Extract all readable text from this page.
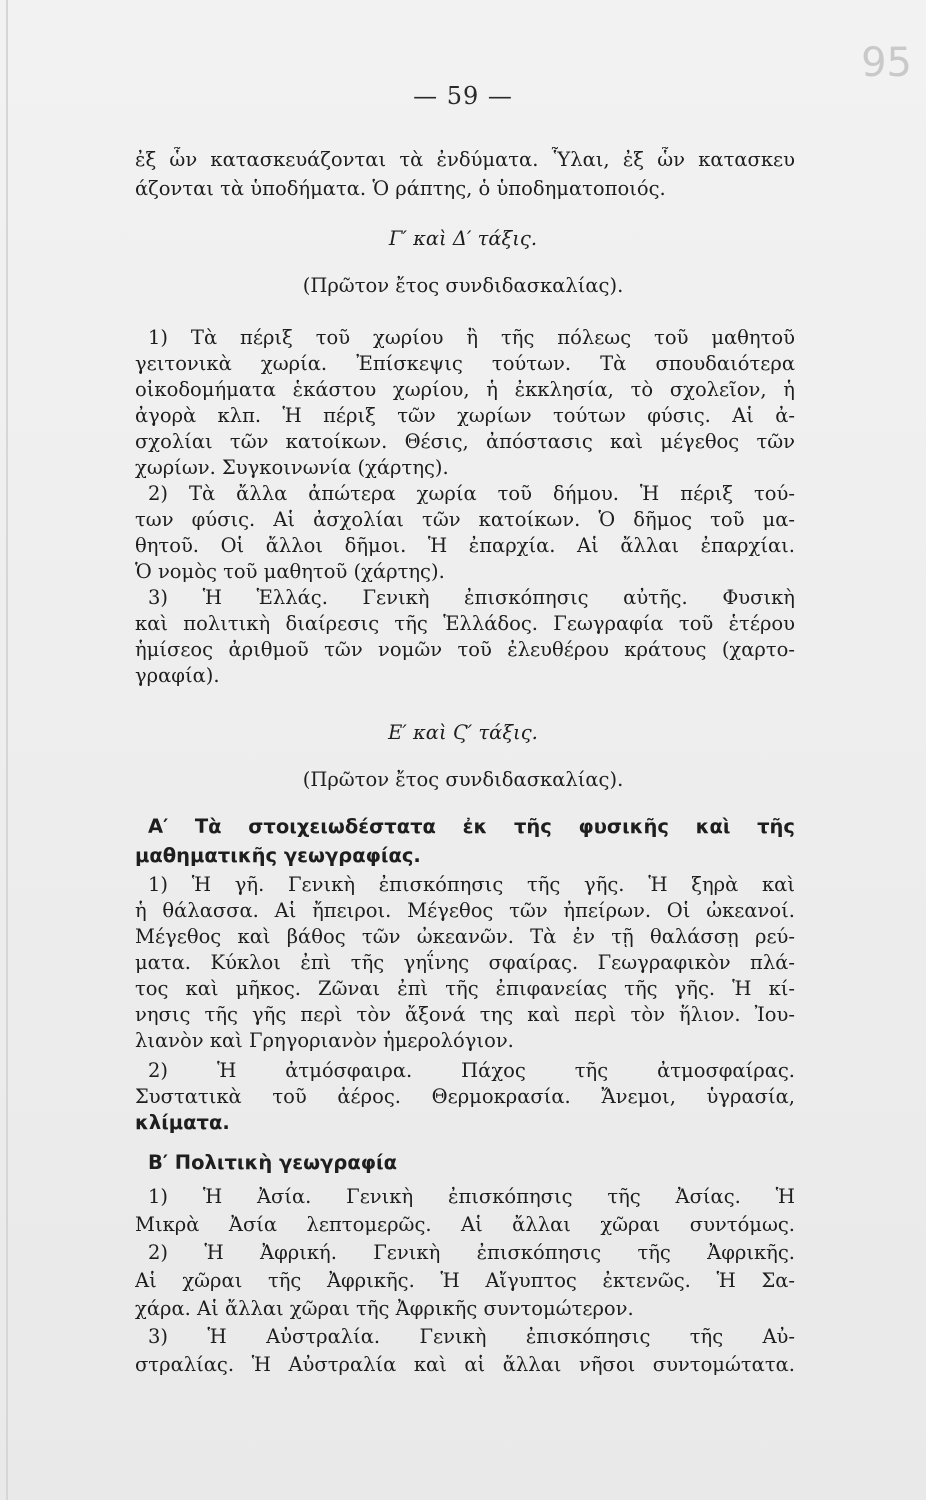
95
— 59 —
ἐξ ὧν κατασκευάζονται τὰ ἐνδύματα. Ὗλαι, ἐξ ὧν κατασκευ
άζονται τὰ ὑποδήματα. Ὁ ράπτης, ὁ ὑποδηματοποιός.
Γ′ καὶ Δ′ τάξις.
(Πρῶτον ἔτος συνδιδασκαλίας).
1) Τὰ πέριξ τοῦ χωρίου ἢ τῆς πόλεως τοῦ μαθητοῦ
γειτονικὰ χωρία. Ἐπίσκεψις τούτων. Τὰ σπουδαιότερα
οἰκοδομήματα ἑκάστου χωρίου, ἡ ἐκκλησία, τὸ σχολεῖον, ἡ
ἀγορὰ κλπ. Ἡ πέριξ τῶν χωρίων τούτων φύσις. Αἱ ἀ-
σχολίαι τῶν κατοίκων. Θέσις, ἀπόστασις καὶ μέγεθος τῶν
χωρίων. Συγκοινωνία (χάρτης).
2) Τὰ ἄλλα ἀπώτερα χωρία τοῦ δήμου. Ἡ πέριξ τού-
των φύσις. Αἱ ἀσχολίαι τῶν κατοίκων. Ὁ δῆμος τοῦ μα-
θητοῦ. Οἱ ἄλλοι δῆμοι. Ἡ ἐπαρχία. Αἱ ἄλλαι ἐπαρχίαι.
Ὁ νομὸς τοῦ μαθητοῦ (χάρτης).
3) Ἡ Ἑλλάς. Γενικὴ ἐπισκόπησις αὐτῆς. Φυσικὴ
καὶ πολιτικὴ διαίρεσις τῆς Ἑλλάδος. Γεωγραφία τοῦ ἑτέρου
ἡμίσεος ἀριθμοῦ τῶν νομῶν τοῦ ἐλευθέρου κράτους (χαρτο-
γραφία).
Ε′ καὶ Ϛ′ τάξις.
(Πρῶτον ἔτος συνδιδασκαλίας).
Α′ Τὰ στοιχειωδέστατα ἐκ τῆς φυσικῆς καὶ τῆς
μαθηματικῆς γεωγραφίας.
1) Ἡ γῆ. Γενικὴ ἐπισκόπησις τῆς γῆς. Ἡ ξηρὰ καὶ
ἡ θάλασσα. Αἱ ἤπειροι. Μέγεθος τῶν ἠπείρων. Οἱ ὠκεανοί.
Μέγεθος καὶ βάθος τῶν ὠκεανῶν. Τὰ ἐν τῇ θαλάσσῃ ρεύ-
ματα. Κύκλοι ἐπὶ τῆς γηΐνης σφαίρας. Γεωγραφικὸν πλά-
τος καὶ μῆκος. Ζῶναι ἐπὶ τῆς ἐπιφανείας τῆς γῆς. Ἡ κί-
νησις τῆς γῆς περὶ τὸν ἄξονά της καὶ περὶ τὸν ἥλιον. Ἰου-
λιανὸν καὶ Γρηγοριανὸν ἡμερολόγιον.
2) Ἡ ἀτμόσφαιρα. Πάχος τῆς ἀτμοσφαίρας.
Συστατικὰ τοῦ ἀέρος. Θερμοκρασία. Ἄνεμοι, ὑγρασία,
κλίματα.
Β′ Πολιτικὴ γεωγραφία
1) Ἡ Ἀσία. Γενικὴ ἐπισκόπησις τῆς Ἀσίας. Ἡ
Μικρὰ Ἀσία λεπτομερῶς. Αἱ ἄλλαι χῶραι συντόμως.
2) Ἡ Ἀφρική. Γενικὴ ἐπισκόπησις τῆς Ἀφρικῆς.
Αἱ χῶραι τῆς Ἀφρικῆς. Ἡ Αἴγυπτος ἐκτενῶς. Ἡ Σα-
χάρα. Αἱ ἄλλαι χῶραι τῆς Ἀφρικῆς συντομώτερον.
3) Ἡ Αὐστραλία. Γενικὴ ἐπισκόπησις τῆς Αὐ-
στραλίας. Ἡ Αὐστραλία καὶ αἱ ἄλλαι νῆσοι συντομώτατα.
